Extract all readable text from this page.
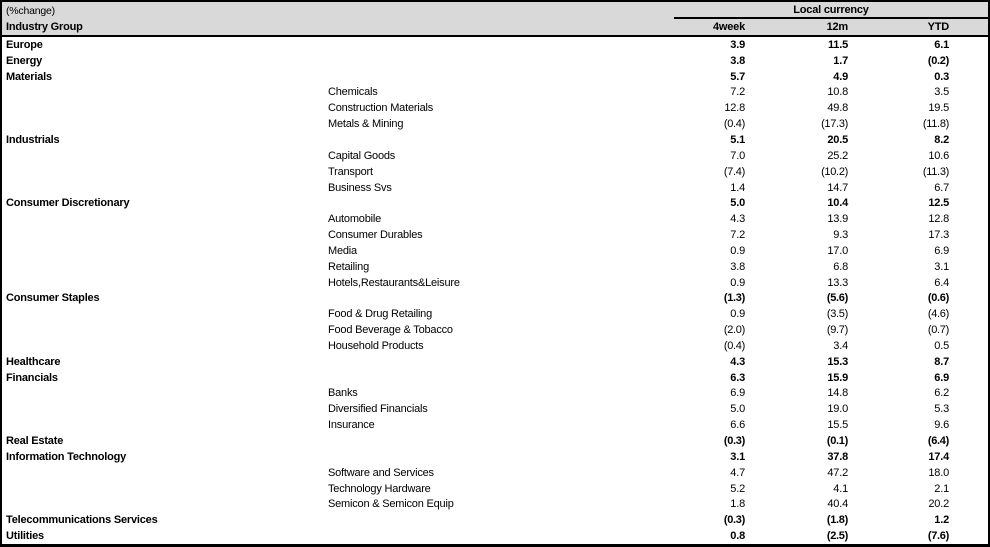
(%change)	Local currency
Industry Group	4week	12m	YTD
Europe	3.9	11.5	6.1
Energy	3.8	1.7	(0.2)
Materials	5.7	4.9	0.3
Chemicals	7.2	10.8	3.5
Construction Materials	12.8	49.8	19.5
Metals & Mining	(0.4)	(17.3)	(11.8)
Industrials	5.1	20.5	8.2
Capital Goods	7.0	25.2	10.6
Transport	(7.4)	(10.2)	(11.3)
Business Svs	1.4	14.7	6.7
Consumer Discretionary	5.0	10.4	12.5
Automobile	4.3	13.9	12.8
Consumer Durables	7.2	9.3	17.3
Media	0.9	17.0	6.9
Retailing	3.8	6.8	3.1
Hotels,Restaurants&Leisure	0.9	13.3	6.4
Consumer Staples	(1.3)	(5.6)	(0.6)
Food & Drug Retailing	0.9	(3.5)	(4.6)
Food Beverage & Tobacco	(2.0)	(9.7)	(0.7)
Household Products	(0.4)	3.4	0.5
Healthcare	4.3	15.3	8.7
Financials	6.3	15.9	6.9
Banks	6.9	14.8	6.2
Diversified Financials	5.0	19.0	5.3
Insurance	6.6	15.5	9.6
Real Estate	(0.3)	(0.1)	(6.4)
Information Technology	3.1	37.8	17.4
Software and Services	4.7	47.2	18.0
Technology Hardware	5.2	4.1	2.1
Semicon & Semicon Equip	1.8	40.4	20.2
Telecommunications Services	(0.3)	(1.8)	1.2
Utilities	0.8	(2.5)	(7.6)
